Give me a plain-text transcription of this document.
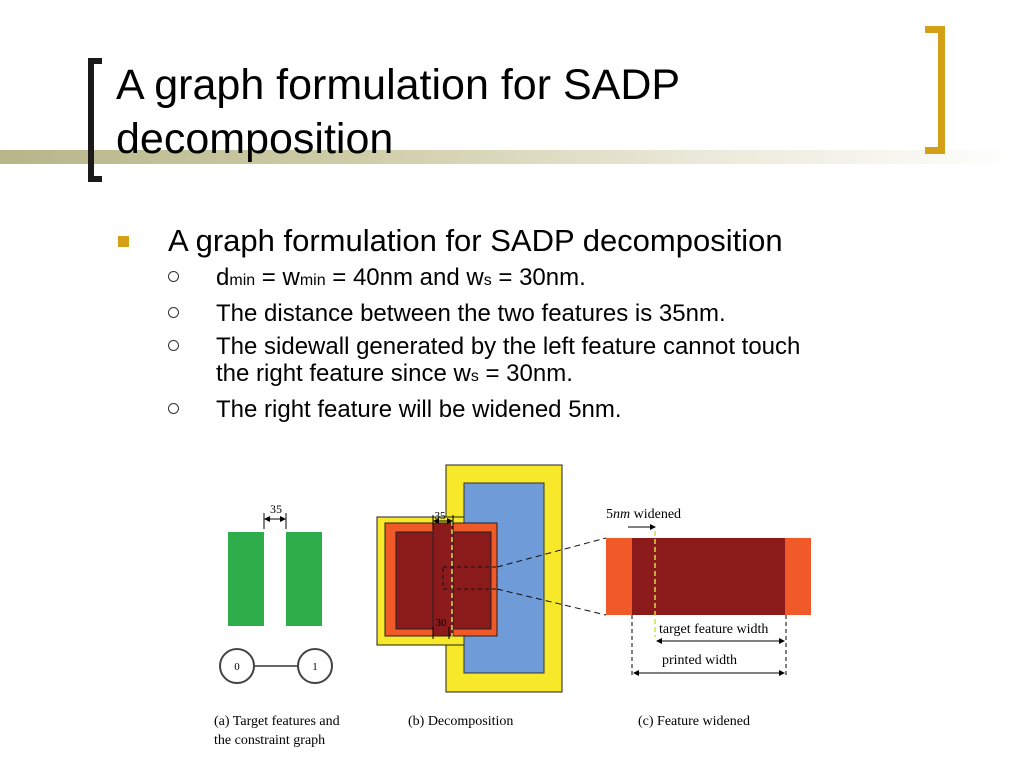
A graph formulation for SADP
decomposition
A graph formulation for SADP decomposition
dmin = wmin = 40nm and ws = 30nm.
The distance between the two features is 35nm.
The sidewall generated by the left feature cannot touch
the right feature since ws = 30nm.
The right feature will be widened 5nm.
35
0	1
(a) Target features and
the constraint graph
35
30
(b) Decomposition
5nm widened
target feature width
printed width
(c) Feature widened
